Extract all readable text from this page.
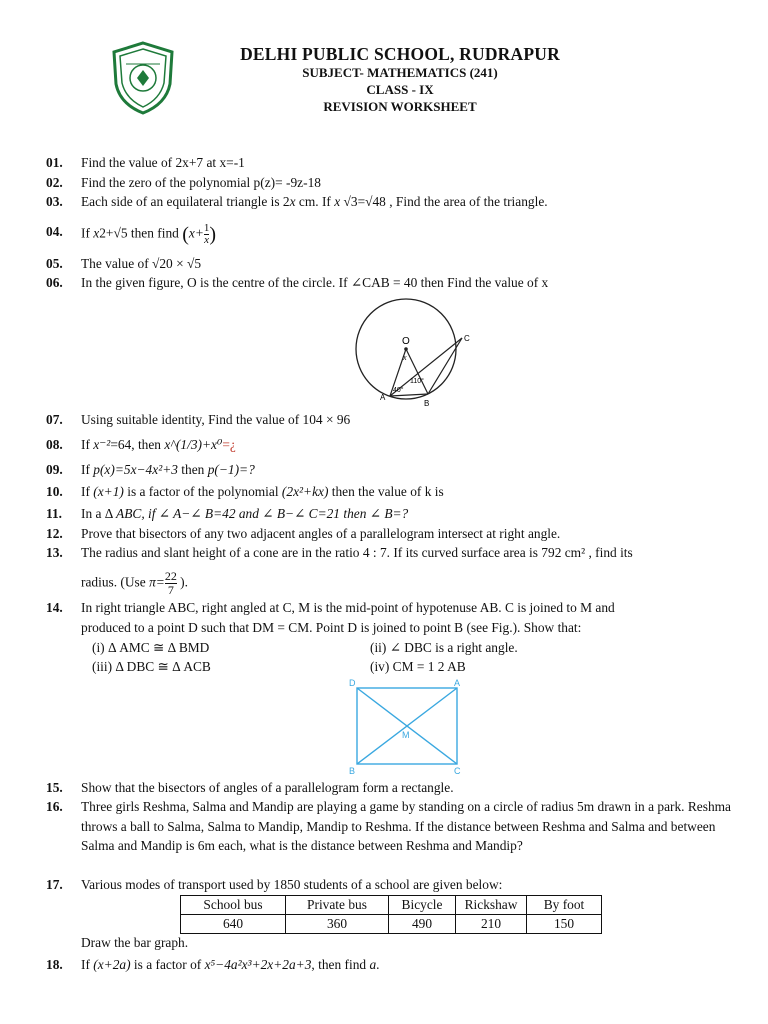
DELHI PUBLIC SCHOOL, RUDRAPUR
SUBJECT- MATHEMATICS (241)
CLASS - IX
REVISION WORKSHEET
01. Find the value of 2x+7 at x=-1
02. Find the zero of the polynomial p(z)= -9z-18
03. Each side of an equilateral triangle is 2x cm. If x √3=√48 , Find the area of the triangle.
04. If x2+√5 then find ($x+ \frac{1}{x}$ )
05. The value of √20 × √5
06. In the given figure, O is the centre of the circle. If ∠CAB = 40 then Find the value of x
O
x
40°
110°
A
B
C
07. Using suitable identity, Find the value of 104 × 96
08. If x⁻²=64, then x^(1/3)+x⁰=¿
09. If p(x)=5x−4x²+3 then p(−1)=?
10. If (x+1) is a factor of the polynomial (2x²+kx) then the value of k is
11. In a Δ ABC, if ∠ A−∠ B=42 and ∠ B−∠ C=21 then ∠ B=?
12. Prove that bisectors of any two adjacent angles of a parallelogram intersect at right angle.
13. The radius and slant height of a cone are in the ratio 4 : 7. If its curved surface area is 792 cm² , find its
radius. (Use $\pi= \frac{22}{7}$ ).
14. In right triangle ABC, right angled at C, M is the mid-point of hypotenuse AB. C is joined to M and
produced to a point D such that DM = CM. Point D is joined to point B (see Fig.). Show that:
(i) Δ AMC ≅ Δ BMD	(ii) ∠ DBC is a right angle.
(iii) Δ DBC ≅ Δ ACB	(iv) CM = 1 2 AB
D	A
M
B	C
15. Show that the bisectors of angles of a parallelogram form a rectangle.
16. Three girls Reshma, Salma and Mandip are playing a game by standing on a circle of radius 5m drawn in a park. Reshma throws a ball to Salma, Salma to Mandip, Mandip to Reshma. If the distance between Reshma and Salma and between Salma and Mandip is 6m each, what is the distance between Reshma and Mandip?
17. Various modes of transport used by 1850 students of a school are given below:
School bus	Private bus	Bicycle	Rickshaw	By foot
640	360	490	210	150
Draw the bar graph.
18. If (x+2a) is a factor of x⁵−4a²x³+2x+2a+3, then find a.
